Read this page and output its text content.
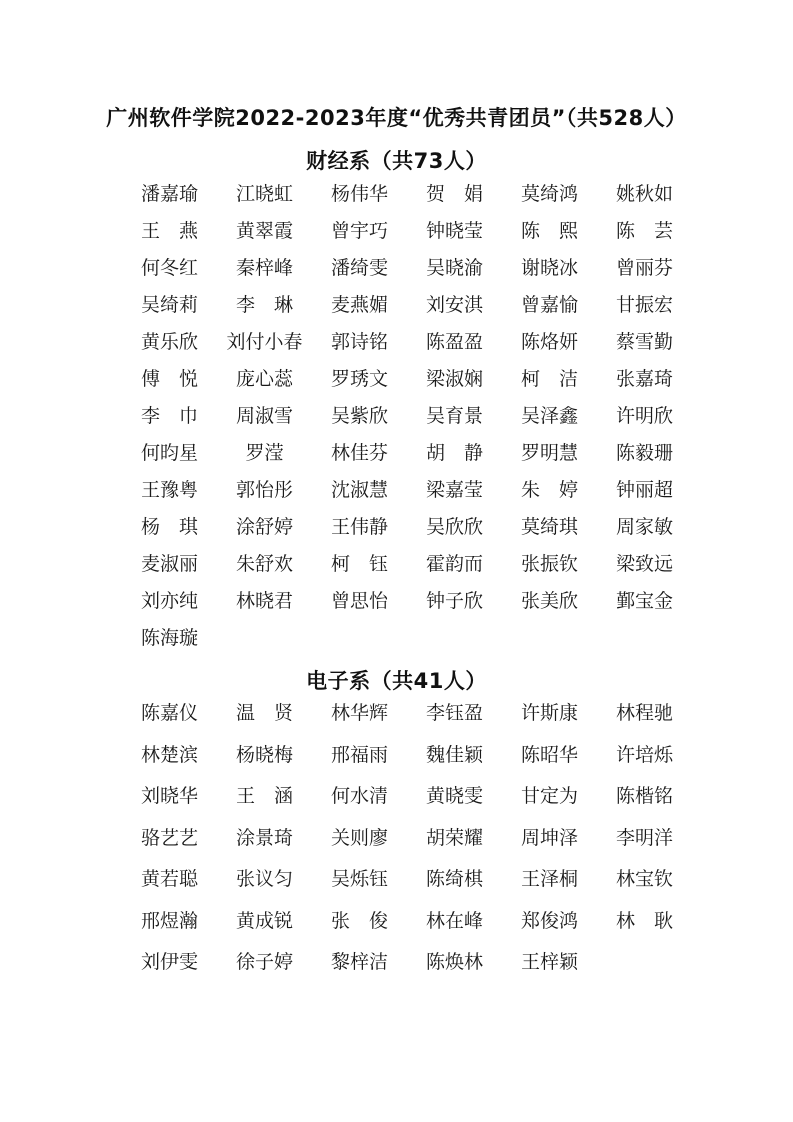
广州软件学院2022-2023年度“优秀共青团员”（共528人）
财经系（共73人）
潘嘉瑜	江晓虹	杨伟华	贺　娟	莫绮鸿	姚秋如
王　燕	黄翠霞	曾宇巧	钟晓莹	陈　熙	陈　芸
何冬红	秦梓峰	潘绮雯	吴晓渝	谢晓冰	曾丽芬
吴绮莉	李　琳	麦燕媚	刘安淇	曾嘉愉	甘振宏
黄乐欣	刘付小春	郭诗铭	陈盈盈	陈烙妍	蔡雪勤
傅　悦	庞心蕊	罗琇文	梁淑娴	柯　洁	张嘉琦
李　巾	周淑雪	吴紫欣	吴育景	吴泽鑫	许明欣
何昀星	罗滢	林佳芬	胡　静	罗明慧	陈毅珊
王豫粤	郭怡彤	沈淑慧	梁嘉莹	朱　婷	钟丽超
杨　琪	涂舒婷	王伟静	吴欣欣	莫绮琪	周家敏
麦淑丽	朱舒欢	柯　钰	霍韵而	张振钦	梁致远
刘亦纯	林晓君	曾思怡	钟子欣	张美欣	鄞宝金
陈海璇
电子系（共41人）
陈嘉仪	温　贤	林华辉	李钰盈	许斯康	林程驰
林楚滨	杨晓梅	邢福雨	魏佳颖	陈昭华	许培烁
刘晓华	王　涵	何水清	黄晓雯	甘定为	陈楷铭
骆艺艺	涂景琦	关则廖	胡荣耀	周坤泽	李明洋
黄若聪	张议匀	吴烁钰	陈绮棋	王泽桐	林宝钦
邢煜瀚	黄成锐	张　俊	林在峰	郑俊鸿	林　耿
刘伊雯	徐子婷	黎梓洁	陈焕林	王梓颖
